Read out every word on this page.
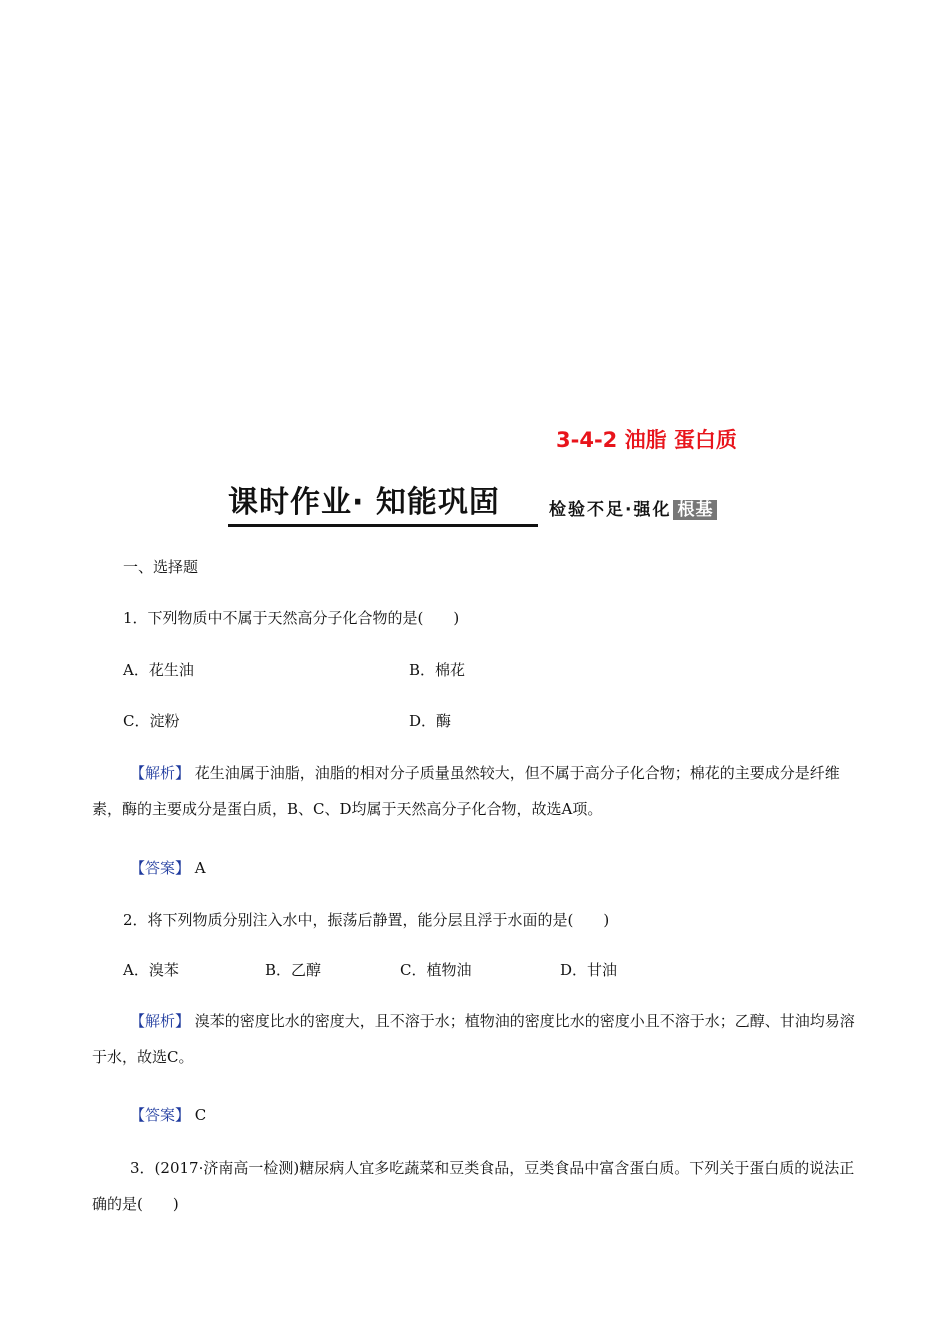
3-4-2 油脂 蛋白质
课时作业· 知能巩固	检验不足·强化 根基
一、选择题
1．下列物质中不属于天然高分子化合物的是(　　)
A．花生油	B．棉花
C．淀粉	D．酶
【解析】 花生油属于油脂，油脂的相对分子质量虽然较大，但不属于高分子化合物；棉花的主要成分是纤维素，酶的主要成分是蛋白质，B、C、D均属于天然高分子化合物，故选A项。
【答案】 A
2．将下列物质分别注入水中，振荡后静置，能分层且浮于水面的是(　　)
A．溴苯	B．乙醇	C．植物油	D．甘油
【解析】 溴苯的密度比水的密度大，且不溶于水；植物油的密度比水的密度小且不溶于水；乙醇、甘油均易溶于水，故选C。
【答案】 C
3．(2017·济南高一检测)糖尿病人宜多吃蔬菜和豆类食品，豆类食品中富含蛋白质。下列关于蛋白质的说法正确的是(　　)
